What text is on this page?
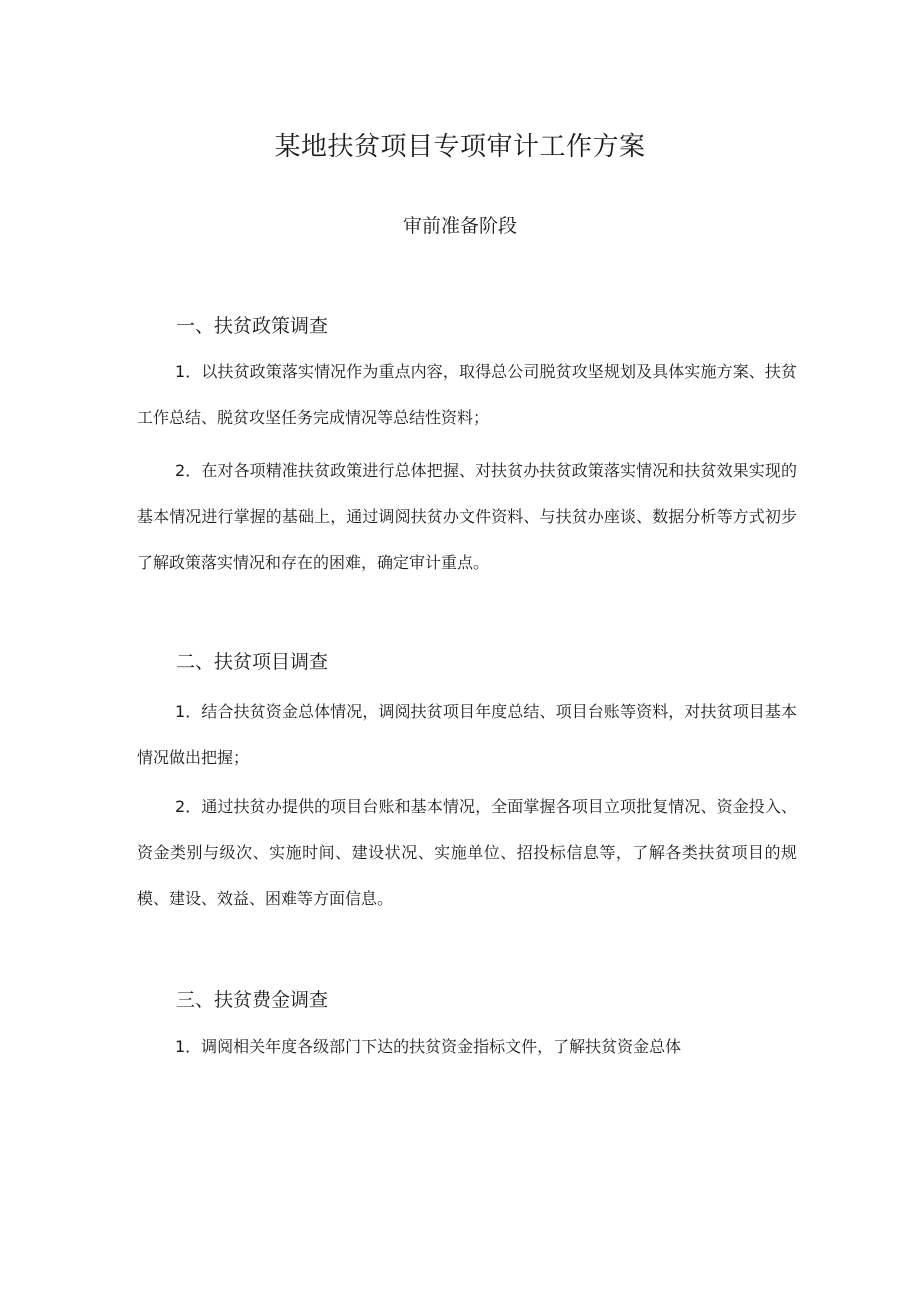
某地扶贫项目专项审计工作方案
审前准备阶段
一、扶贫政策调查

1．以扶贫政策落实情况作为重点内容，取得总公司脱贫攻坚规划及具体实施方案、扶贫工作总结、脱贫攻坚任务完成情况等总结性资料；

2．在对各项精准扶贫政策进行总体把握、对扶贫办扶贫政策落实情况和扶贫效果实现的基本情况进行掌握的基础上，通过调阅扶贫办文件资料、与扶贫办座谈、数据分析等方式初步了解政策落实情况和存在的困难，确定审计重点。

二、扶贫项目调查

1．结合扶贫资金总体情况，调阅扶贫项目年度总结、项目台账等资料，对扶贫项目基本情况做出把握；

2．通过扶贫办提供的项目台账和基本情况，全面掌握各项目立项批复情况、资金投入、资金类别与级次、实施时间、建设状况、实施单位、招投标信息等，了解各类扶贫项目的规模、建设、效益、困难等方面信息。

三、扶贫费金调查

1．调阅相关年度各级部门下达的扶贫资金指标文件，了解扶贫资金总体
